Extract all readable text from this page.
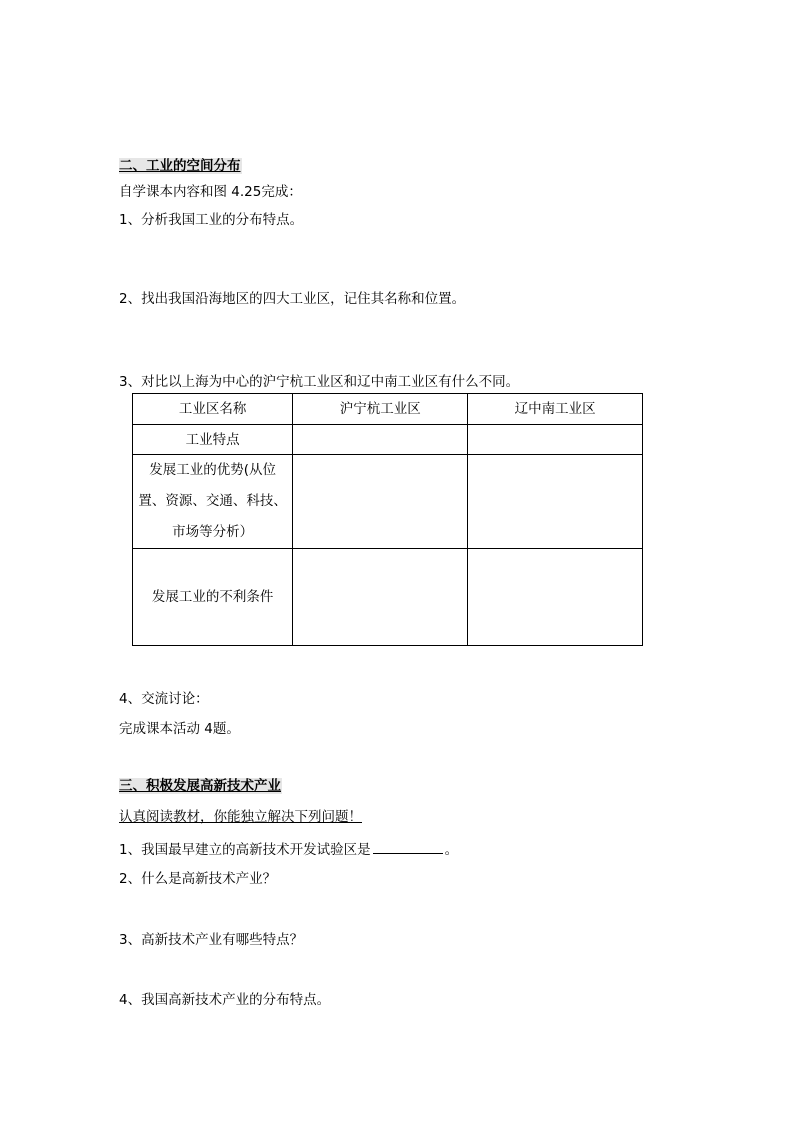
二、工业的空间分布
自学课本内容和图 4.25完成：
1、分析我国工业的分布特点。
2、找出我国沿海地区的四大工业区，记住其名称和位置。
3、对比以上海为中心的沪宁杭工业区和辽中南工业区有什么不同。
工业区名称	沪宁杭工业区	辽中南工业区
工业特点		
发展工业的优势(从位置、资源、交通、科技、市场等分析）		
发展工业的不利条件		
4、交流讨论：
完成课本活动 4题。
三、积极发展高新技术产业
认真阅读教材，你能独立解决下列问题！
1、我国最早建立的高新技术开发试验区是	。
2、什么是高新技术产业？
3、高新技术产业有哪些特点？
4、我国高新技术产业的分布特点。
